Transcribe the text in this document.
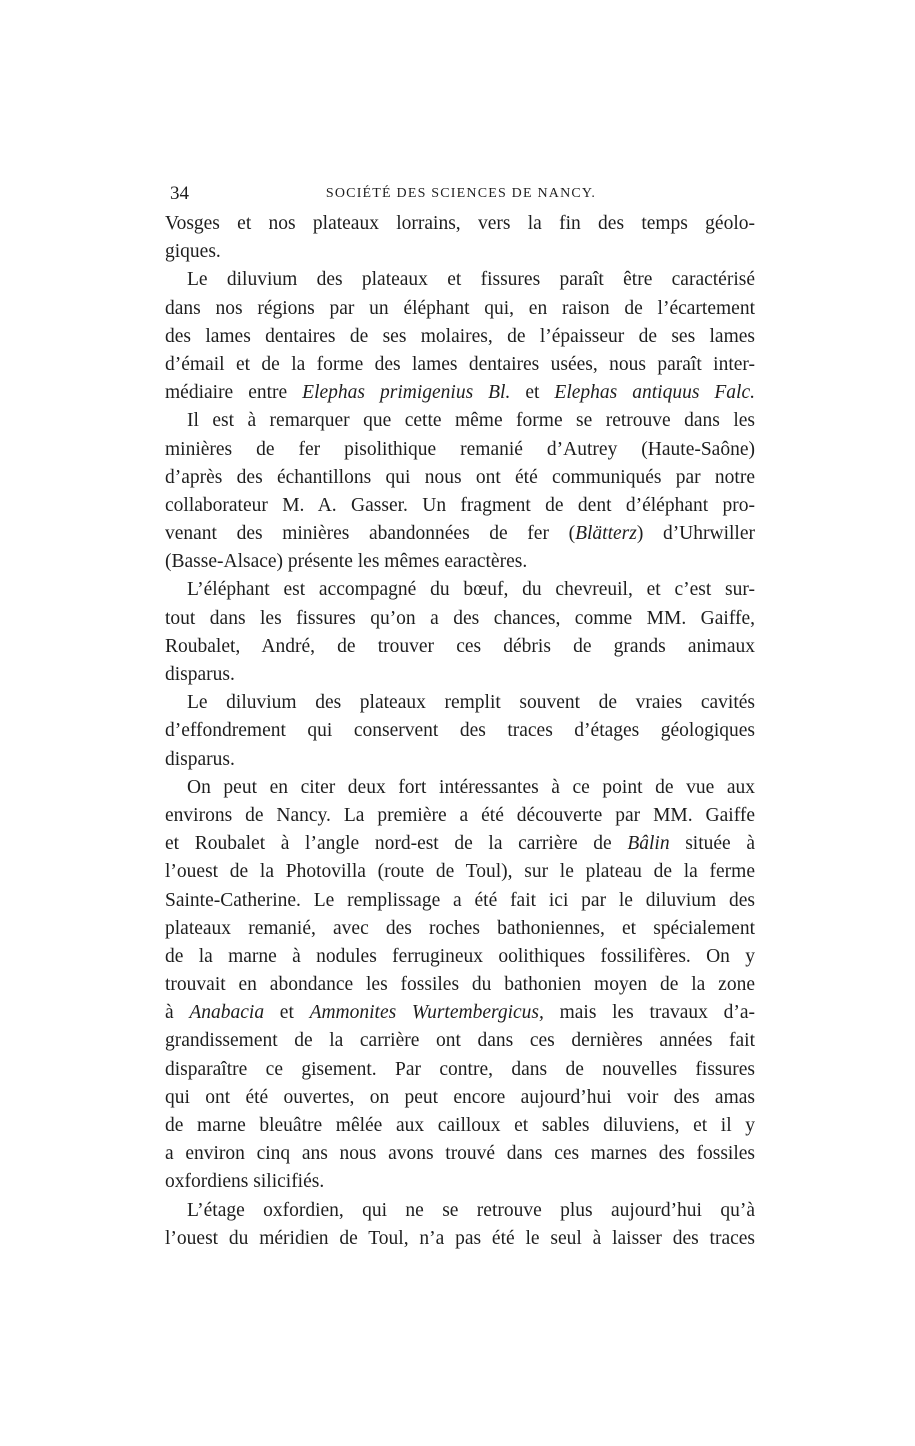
34	SOCIÉTÉ DES SCIENCES DE NANCY.
Vosges et nos plateaux lorrains, vers la fin des temps géolo-
giques.
Le diluvium des plateaux et fissures paraît être caractérisé
dans nos régions par un éléphant qui, en raison de l’écartement
des lames dentaires de ses molaires, de l’épaisseur de ses lames
d’émail et de la forme des lames dentaires usées, nous paraît inter-
médiaire entre Elephas primigenius Bl. et Elephas antiquus Falc.
Il est à remarquer que cette même forme se retrouve dans les
minières de fer pisolithique remanié d’Autrey (Haute-Saône)
d’après des échantillons qui nous ont été communiqués par notre
collaborateur M. A. Gasser. Un fragment de dent d’éléphant pro-
venant des minières abandonnées de fer (Blätterz) d’Uhrwiller
(Basse-Alsace) présente les mêmes earactères.
L’éléphant est accompagné du bœuf, du chevreuil, et c’est sur-
tout dans les fissures qu’on a des chances, comme MM. Gaiffe,
Roubalet, André, de trouver ces débris de grands animaux
disparus.
Le diluvium des plateaux remplit souvent de vraies cavités
d’effondrement qui conservent des traces d’étages géologiques
disparus.
On peut en citer deux fort intéressantes à ce point de vue aux
environs de Nancy. La première a été découverte par MM. Gaiffe
et Roubalet à l’angle nord-est de la carrière de Bâlin située à
l’ouest de la Photovilla (route de Toul), sur le plateau de la ferme
Sainte-Catherine. Le remplissage a été fait ici par le diluvium des
plateaux remanié, avec des roches bathoniennes, et spécialement
de la marne à nodules ferrugineux oolithiques fossilifères. On y
trouvait en abondance les fossiles du bathonien moyen de la zone
à Anabacia et Ammonites Wurtembergicus, mais les travaux d’a-
grandissement de la carrière ont dans ces dernières années fait
disparaître ce gisement. Par contre, dans de nouvelles fissures
qui ont été ouvertes, on peut encore aujourd’hui voir des amas
de marne bleuâtre mêlée aux cailloux et sables diluviens, et il y
a environ cinq ans nous avons trouvé dans ces marnes des fossiles
oxfordiens silicifiés.
L’étage oxfordien, qui ne se retrouve plus aujourd’hui qu’à
l’ouest du méridien de Toul, n’a pas été le seul à laisser des traces
